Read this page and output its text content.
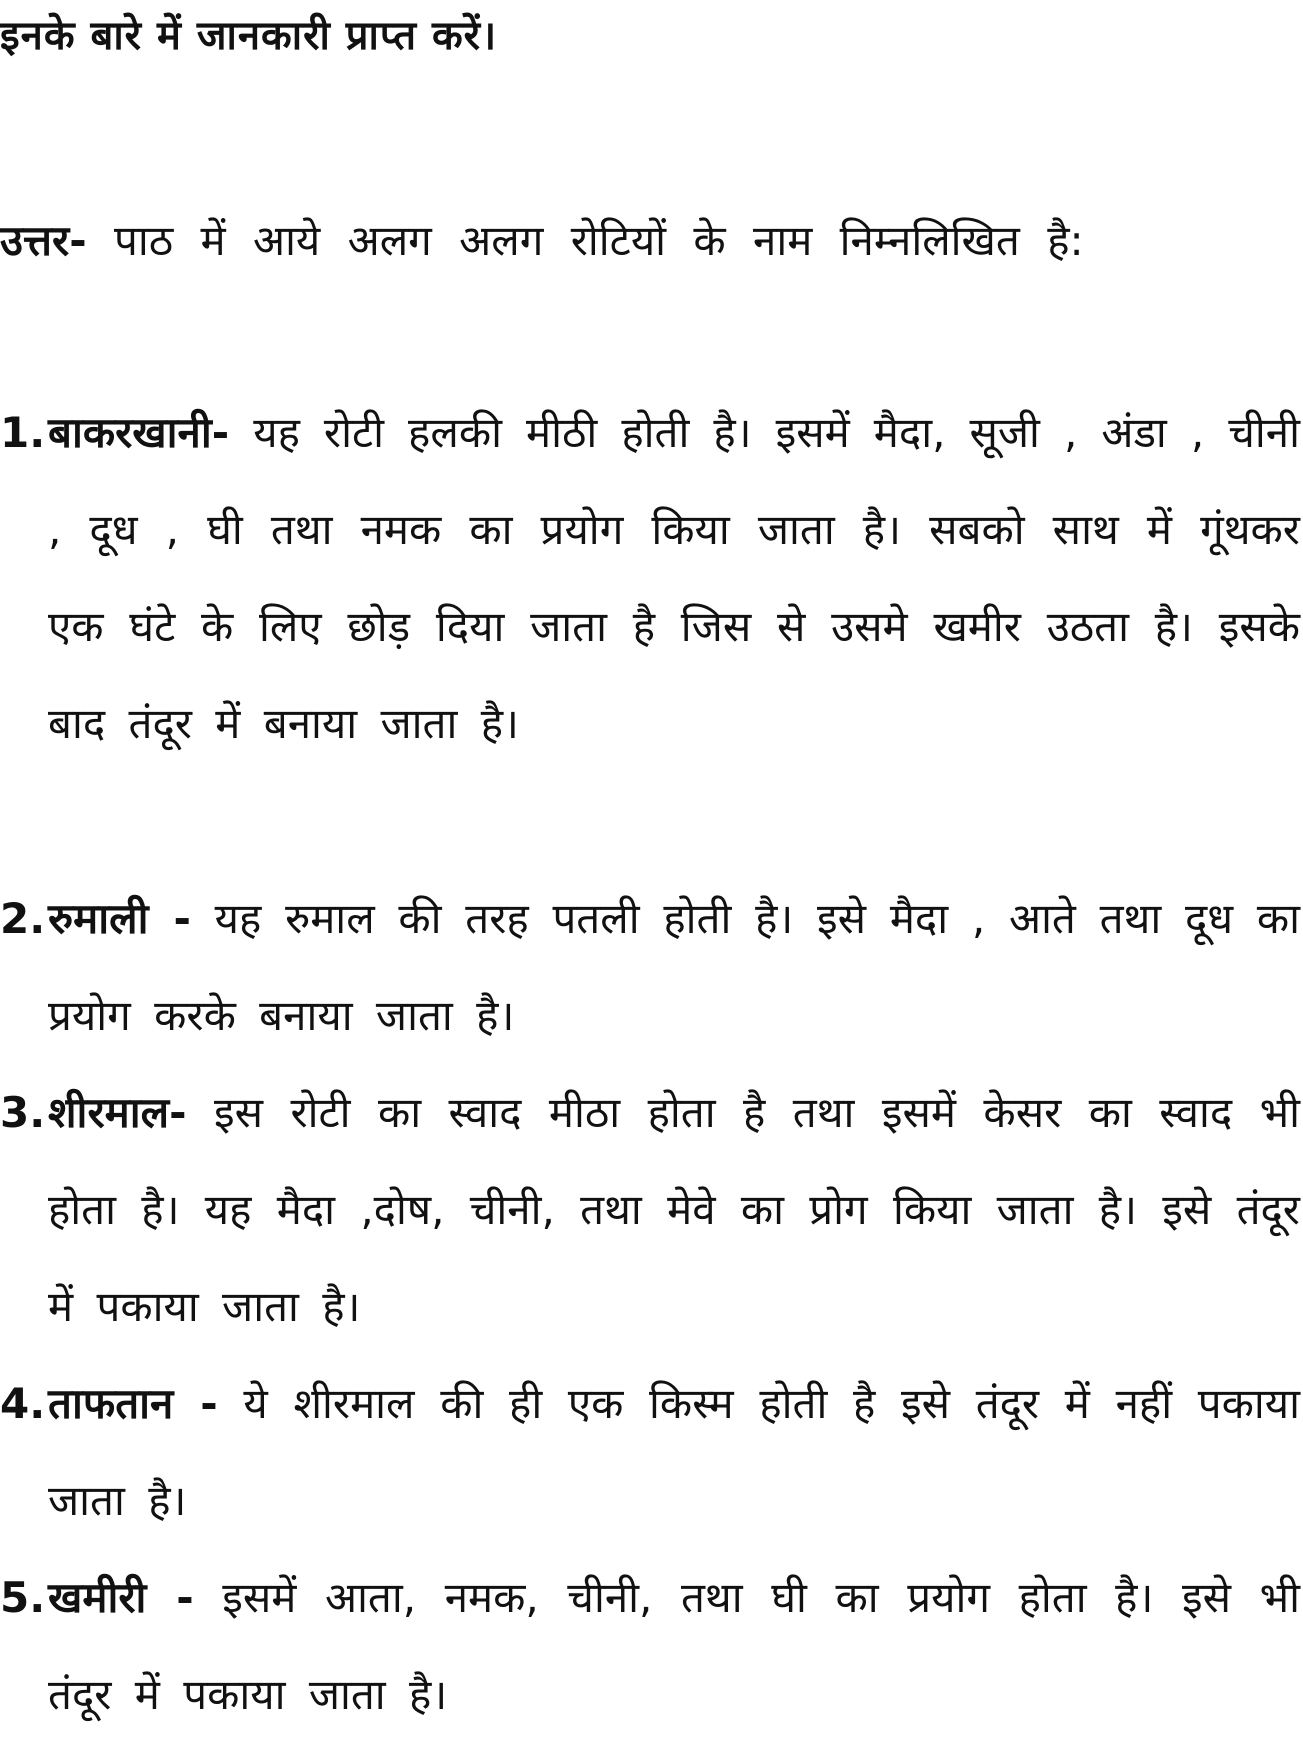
इनके बारे में जानकारी प्राप्त करें।
उत्तर- पाठ में आये अलग अलग रोटियों के नाम निम्नलिखित है:
1. बाकरखानी- यह रोटी हलकी मीठी होती है। इसमें मैदा, सूजी , अंडा , चीनी , दूध , घी तथा नमक का प्रयोग किया जाता है। सबको साथ में गूंथकर एक घंटे के लिए छोड़ दिया जाता है जिस से उसमे खमीर उठता है। इसके बाद तंदूर में बनाया जाता है।
2. रुमाली - यह रुमाल की तरह पतली होती है। इसे मैदा , आते तथा दूध का प्रयोग करके बनाया जाता है।
3. शीरमाल- इस रोटी का स्वाद मीठा होता है तथा इसमें केसर का स्वाद भी होता है। यह मैदा ,दोष, चीनी, तथा मेवे का प्रोग किया जाता है। इसे तंदूर में पकाया जाता है।
4. ताफतान - ये शीरमाल की ही एक किस्म होती है इसे तंदूर में नहीं पकाया जाता है।
5. खमीरी - इसमें आता, नमक, चीनी, तथा घी का प्रयोग होता है। इसे भी तंदूर में पकाया जाता है।
